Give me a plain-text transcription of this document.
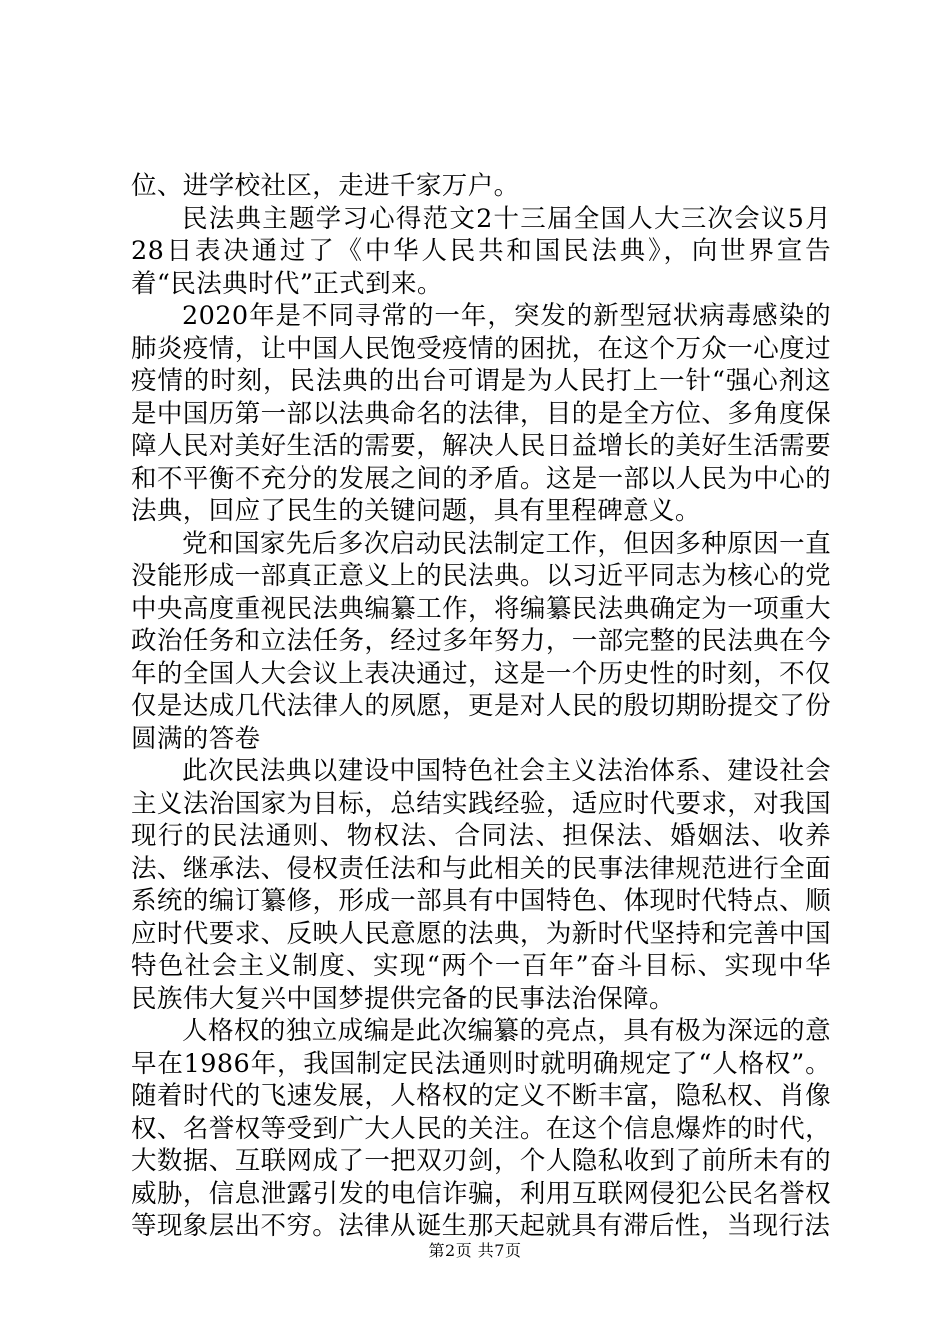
位、进学校社区，走进千家万户。

民法典主题学习心得范文2十三届全国人大三次会议5月28日表决通过了《中华人民共和国民法典》，向世界宣告着“民法典时代”正式到来。

2020年是不同寻常的一年，突发的新型冠状病毒感染的肺炎疫情，让中国人民饱受疫情的困扰，在这个万众一心度过疫情的时刻，民法典的出台可谓是为人民打上一针“强心剂这是中国历第一部以法典命名的法律，目的是全方位、多角度保障人民对美好生活的需要，解决人民日益增长的美好生活需要和不平衡不充分的发展之间的矛盾。这是一部以人民为中心的法典，回应了民生的关键问题，具有里程碑意义。

党和国家先后多次启动民法制定工作，但因多种原因一直没能形成一部真正意义上的民法典。以习近平同志为核心的党中央高度重视民法典编纂工作，将编纂民法典确定为一项重大政治任务和立法任务，经过多年努力，一部完整的民法典在今年的全国人大会议上表决通过，这是一个历史性的时刻，不仅仅是达成几代法律人的夙愿，更是对人民的殷切期盼提交了份圆满的答卷

此次民法典以建设中国特色社会主义法治体系、建设社会主义法治国家为目标，总结实践经验，适应时代要求，对我国现行的民法通则、物权法、合同法、担保法、婚姻法、收养法、继承法、侵权责任法和与此相关的民事法律规范进行全面系统的编订纂修，形成一部具有中国特色、体现时代特点、顺应时代要求、反映人民意愿的法典，为新时代坚持和完善中国特色社会主义制度、实现“两个一百年”奋斗目标、实现中华民族伟大复兴中国梦提供完备的民事法治保障。

人格权的独立成编是此次编纂的亮点，具有极为深远的意早在1986年，我国制定民法通则时就明确规定了“人格权”。随着时代的飞速发展，人格权的定义不断丰富，隐私权、肖像权、名誉权等受到广大人民的关注。在这个信息爆炸的时代，大数据、互联网成了一把双刃剑，个人隐私收到了前所未有的威胁，信息泄露引发的电信诈骗，利用互联网侵犯公民名誉权等现象层出不穷。法律从诞生那天起就具有滞后性，当现行法

第2页 共7页
